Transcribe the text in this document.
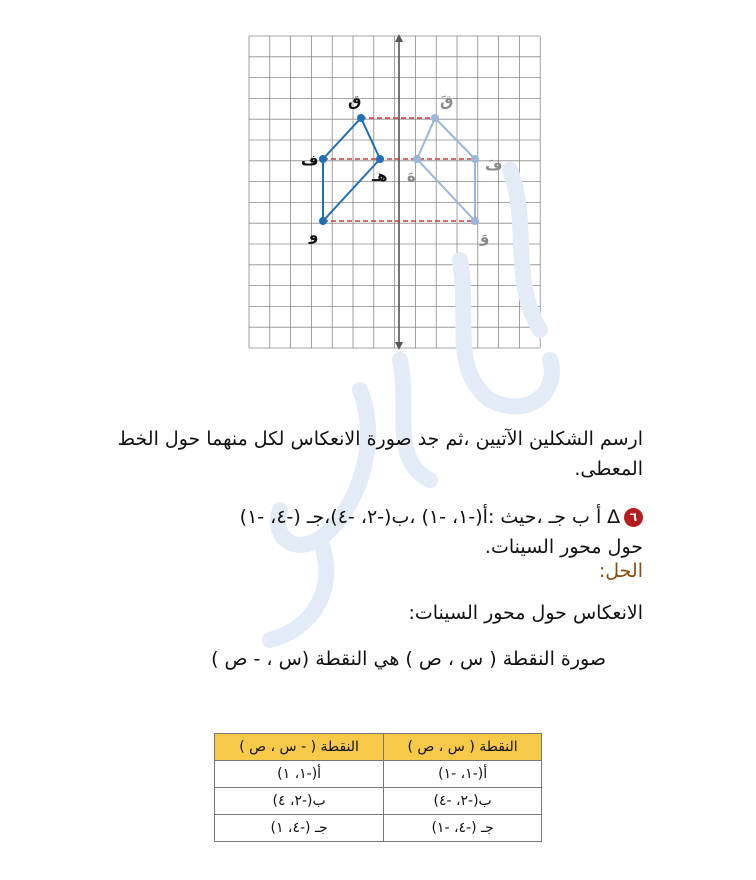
ق
ف
هـ
و
قَ
فَ
هَ
وَ

ارسم الشكلين الآتيين ،ثم جد صورة الانعكاس لكل منهما حول الخط المعطى.

٦∆ أ ب جـ ،حيث :أ(-١، -١) ،ب(-٢، -٤)،جـ (-٤، -١)
حول محور السينات.

الحل:

الانعكاس حول محور السينات:

صورة النقطة ( س ، ص ) هي النقطة (س ، - ص )

النقطة ( س ، ص )	النقطة ( - س ، ص )
أ(-١، -١)	أ(-١، ١)
ب(-٢، -٤)	ب(-٢، ٤)
جـ (-٤، -١)	جـ (-٤، ١)
